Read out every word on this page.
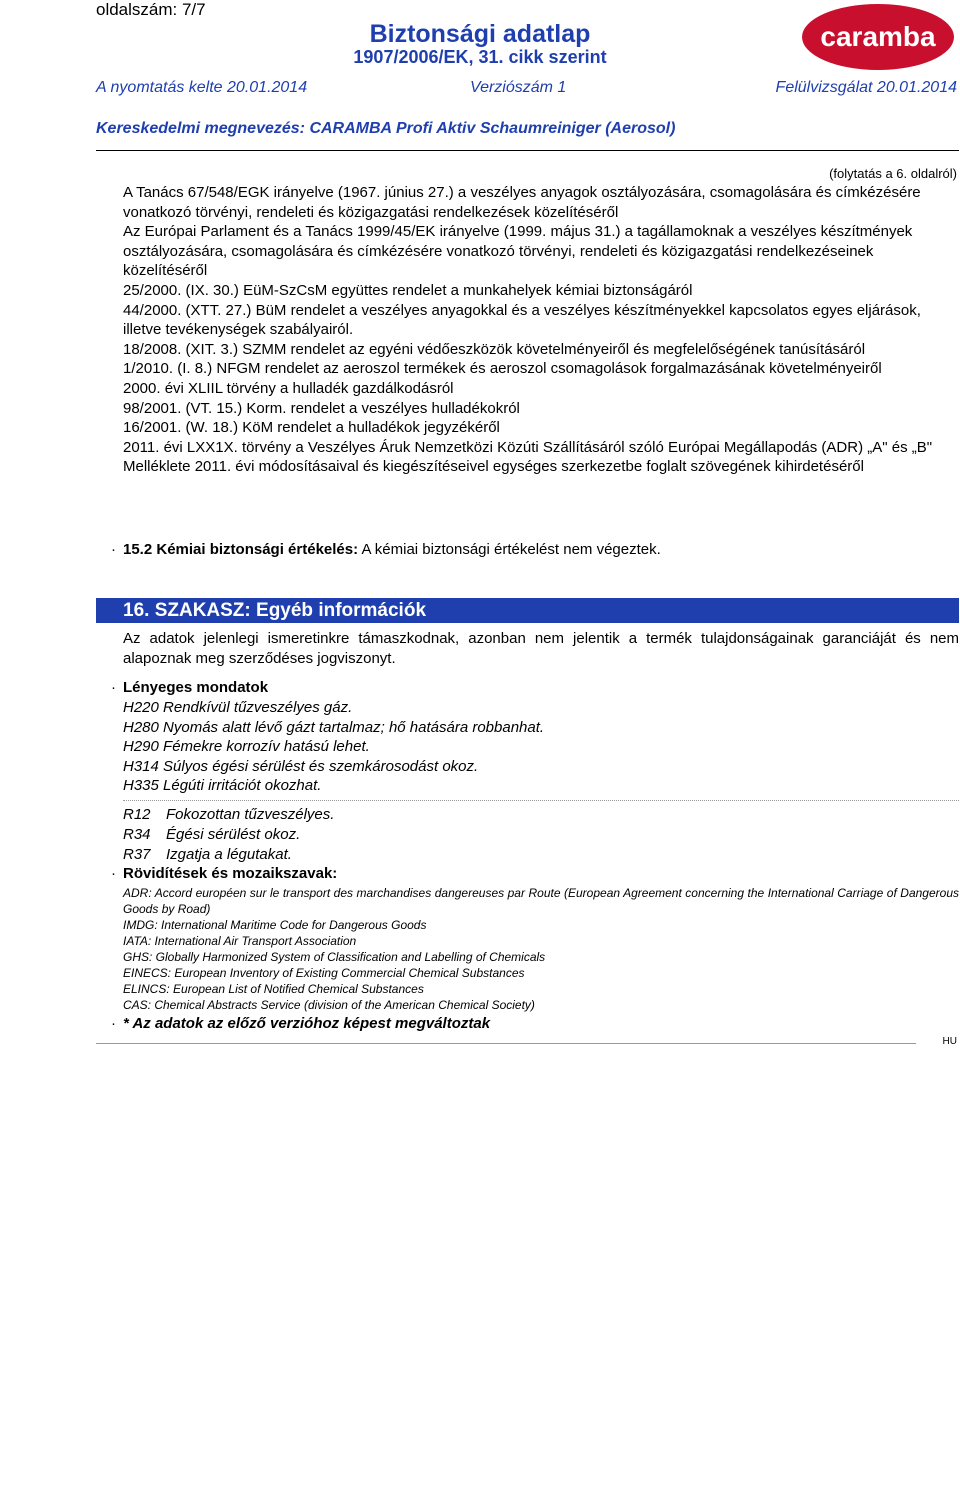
oldalszám: 7/7
Biztonsági adatlap
1907/2006/EK, 31. cikk szerint
caramba
A nyomtatás kelte 20.01.2014	Verziószám 1	Felülvizsgálat 20.01.2014
Kereskedelmi megnevezés: CARAMBA Profi Aktiv Schaumreiniger (Aerosol)
(folytatás a 6. oldalról)

A Tanács 67/548/EGK irányelve (1967. június 27.) a veszélyes anyagok osztályozására, csomagolására és címkézésére vonatkozó törvényi, rendeleti és közigazgatási rendelkezések közelítéséről

Az Európai Parlament és a Tanács 1999/45/EK irányelve (1999. május 31.) a tagállamoknak a veszélyes készítmények osztályozására, csomagolására és címkézésére vonatkozó törvényi, rendeleti és közigazgatási rendelkezéseinek közelítéséről

25/2000. (IX. 30.) EüM-SzCsM együttes rendelet a munkahelyek kémiai biztonságáról

44/2000. (XTT. 27.) BüM rendelet a veszélyes anyagokkal és a veszélyes készítményekkel kapcsolatos egyes eljárások, illetve tevékenységek szabályairól.

18/2008. (XIT. 3.) SZMM rendelet az egyéni védőeszközök követelményeiről és megfelelőségének tanúsításáról

1/2010. (I. 8.) NFGM rendelet az aeroszol termékek és aeroszol csomagolások forgalmazásának követelményeiről

2000. évi XLIIL törvény a hulladék gazdálkodásról

98/2001. (VT. 15.) Korm. rendelet a veszélyes hulladékokról

16/2001. (W. 18.) KöM rendelet a hulladékok jegyzékéről

2011. évi LXX1X. törvény a Veszélyes Áruk Nemzetközi Közúti Szállításáról szóló Európai Megállapodás (ADR) „A" és „B" Melléklete 2011. évi módosításaival és kiegészítéseivel egységes szerkezetbe foglalt szövegének kihirdetéséről

· 15.2 Kémiai biztonsági értékelés: A kémiai biztonsági értékelést nem végeztek.
16. SZAKASZ: Egyéb információk
Az adatok jelenlegi ismeretinkre támaszkodnak, azonban nem jelentik a termék tulajdonságainak garanciáját és nem alapoznak meg szerződéses jogviszonyt.
· Lényeges mondatok
H220 Rendkívül tűzveszélyes gáz.
H280 Nyomás alatt lévő gázt tartalmaz; hő hatására robbanhat.
H290 Fémekre korrozív hatású lehet.
H314 Súlyos égési sérülést és szemkárosodást okoz.
H335 Légúti irritációt okozhat.
R12 Fokozottan tűzveszélyes.
R34 Égési sérülést okoz.
R37 Izgatja a légutakat.
· Rövidítések és mozaikszavak:

ADR: Accord européen sur le transport des marchandises dangereuses par Route (European Agreement concerning the International Carriage of Dangerous Goods by Road)

IMDG: International Maritime Code for Dangerous Goods

IATA: International Air Transport Association

GHS: Globally Harmonized System of Classification and Labelling of Chemicals

EINECS: European Inventory of Existing Commercial Chemical Substances

ELINCS: European List of Notified Chemical Substances

CAS: Chemical Abstracts Service (division of the American Chemical Society)

· * Az adatok az előző verzióhoz képest megváltoztak
HU
